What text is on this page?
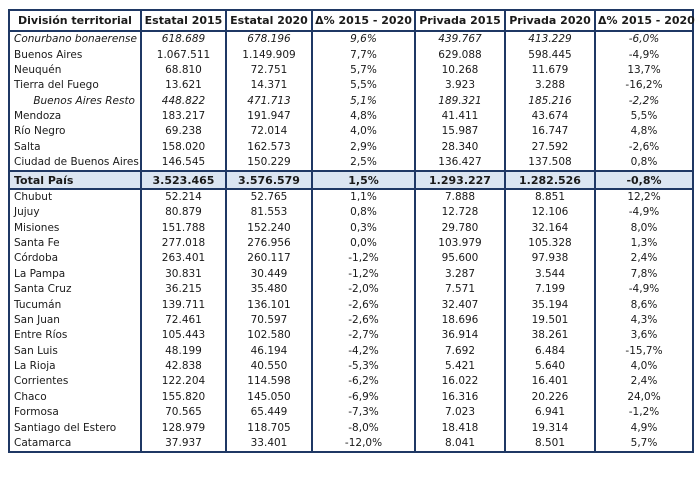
División territorial	Estatal 2015	Estatal 2020	Δ% 2015 - 2020	Privada 2015	Privada 2020	Δ% 2015 - 2020
Conurbano bonaerense	618.689	678.196	9,6%	439.767	413.229	-6,0%
Buenos Aires	1.067.511	1.149.909	7,7%	629.088	598.445	-4,9%
Neuquén	68.810	72.751	5,7%	10.268	11.679	13,7%
Tierra del Fuego	13.621	14.371	5,5%	3.923	3.288	-16,2%
Buenos Aires Resto	448.822	471.713	5,1%	189.321	185.216	-2,2%
Mendoza	183.217	191.947	4,8%	41.411	43.674	5,5%
Río Negro	69.238	72.014	4,0%	15.987	16.747	4,8%
Salta	158.020	162.573	2,9%	28.340	27.592	-2,6%
Ciudad de Buenos Aires	146.545	150.229	2,5%	136.427	137.508	0,8%
Total País	3.523.465	3.576.579	1,5%	1.293.227	1.282.526	-0,8%
Chubut	52.214	52.765	1,1%	7.888	8.851	12,2%
Jujuy	80.879	81.553	0,8%	12.728	12.106	-4,9%
Misiones	151.788	152.240	0,3%	29.780	32.164	8,0%
Santa Fe	277.018	276.956	0,0%	103.979	105.328	1,3%
Córdoba	263.401	260.117	-1,2%	95.600	97.938	2,4%
La Pampa	30.831	30.449	-1,2%	3.287	3.544	7,8%
Santa Cruz	36.215	35.480	-2,0%	7.571	7.199	-4,9%
Tucumán	139.711	136.101	-2,6%	32.407	35.194	8,6%
San Juan	72.461	70.597	-2,6%	18.696	19.501	4,3%
Entre Ríos	105.443	102.580	-2,7%	36.914	38.261	3,6%
San Luis	48.199	46.194	-4,2%	7.692	6.484	-15,7%
La Rioja	42.838	40.550	-5,3%	5.421	5.640	4,0%
Corrientes	122.204	114.598	-6,2%	16.022	16.401	2,4%
Chaco	155.820	145.050	-6,9%	16.316	20.226	24,0%
Formosa	70.565	65.449	-7,3%	7.023	6.941	-1,2%
Santiago del Estero	128.979	118.705	-8,0%	18.418	19.314	4,9%
Catamarca	37.937	33.401	-12,0%	8.041	8.501	5,7%
